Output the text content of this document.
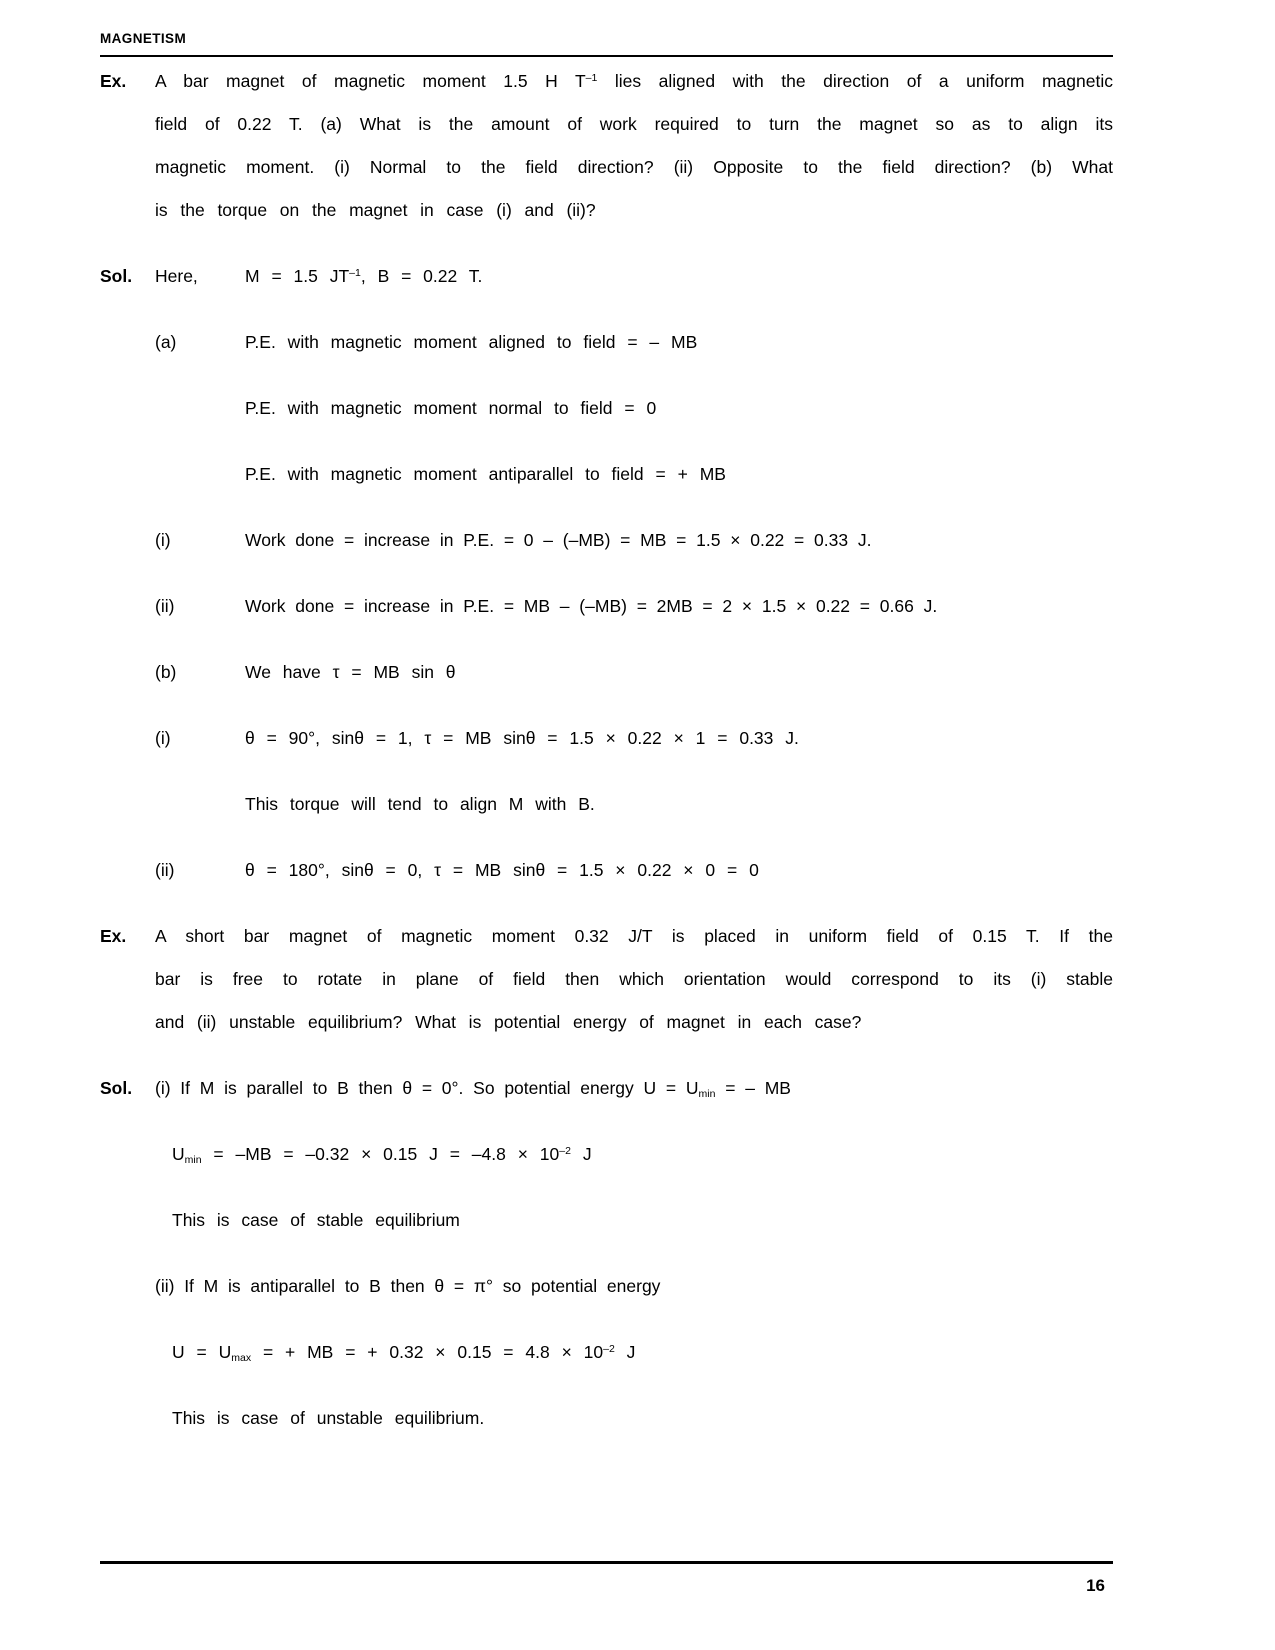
MAGNETISM
Ex.	A bar magnet of magnetic moment 1.5 H $T^{-1}$ lies aligned with the direction of a uniform magnetic
field of 0.22 T. (a) What is the amount of work required to turn the magnet so as to align its
magnetic moment. (i) Normal to the field direction? (ii) Opposite to the field direction? (b) What
is the torque on the magnet in case (i) and (ii)?
Sol.	Here,	M = 1.5 $JT^{-1}$, B = 0.22 T.
(a)	P.E. with magnetic moment aligned to field = – MB
P.E. with magnetic moment normal to field = 0
P.E. with magnetic moment antiparallel to field = + MB
(i)	Work done = increase in P.E. = 0 – (–MB) = MB = 1.5 × 0.22 = 0.33 J.
(ii)	Work done = increase in P.E. = MB – (–MB) = 2MB = 2 × 1.5 × 0.22 = 0.66 J.
(b)	We have τ = MB sin θ
(i)	θ = 90°, sinθ = 1, τ = MB sinθ = 1.5 × 0.22 × 1 = 0.33 J.
This torque will tend to align M with B.
(ii)	θ = 180°, sinθ = 0, τ = MB sinθ = 1.5 × 0.22 × 0 = 0
Ex.	A short bar magnet of magnetic moment 0.32 J/T is placed in uniform field of 0.15 T. If the
bar is free to rotate in plane of field then which orientation would correspond to its (i) stable
and (ii) unstable equilibrium? What is potential energy of magnet in each case?
Sol.	(i) If M is parallel to B then θ = 0°. So potential energy $U = U_{min}$ = – MB
$U_{min} = -MB = -0.32 \times 0.15$ $J = -4.8 \times 10^{-2}$ J
This is case of stable equilibrium
(ii) If M is antiparallel to B then θ = π° so potential energy
$U = U_{max}$ = + MB = + $0.32 \times 0.15 = 4.8 \times 10^{-2}$ J
This is case of unstable equilibrium.
16
